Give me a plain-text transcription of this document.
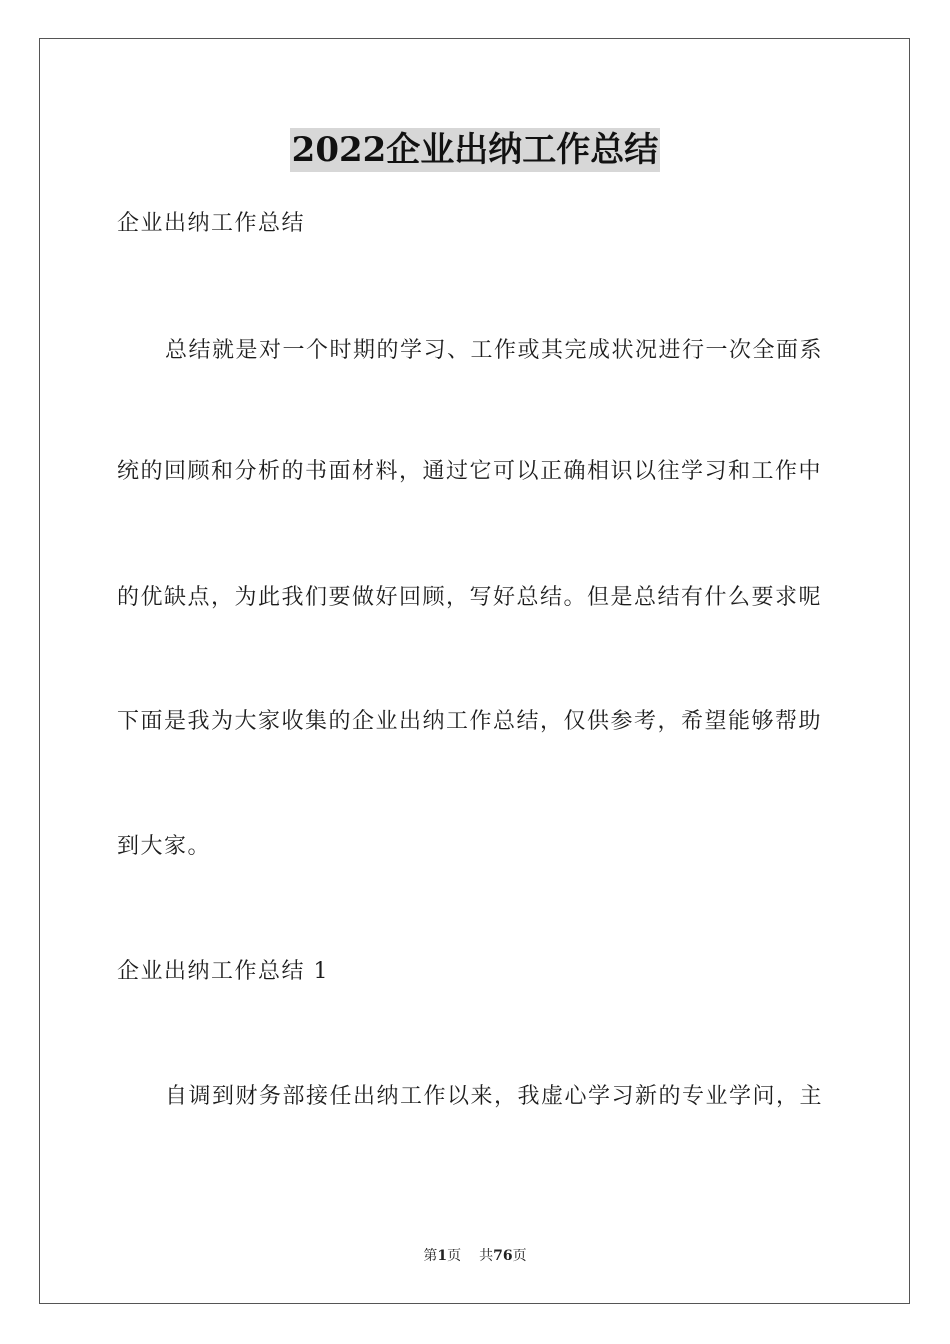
2022企业出纳工作总结
企业出纳工作总结
总结就是对一个时期的学习、工作或其完成状况进行一次全面系
统的回顾和分析的书面材料，通过它可以正确相识以往学习和工作中
的优缺点，为此我们要做好回顾，写好总结。但是总结有什么要求呢
下面是我为大家收集的企业出纳工作总结，仅供参考，希望能够帮助
到大家。
企业出纳工作总结 1
自调到财务部接任出纳工作以来，我虚心学习新的专业学问，主
第1页 共76页
